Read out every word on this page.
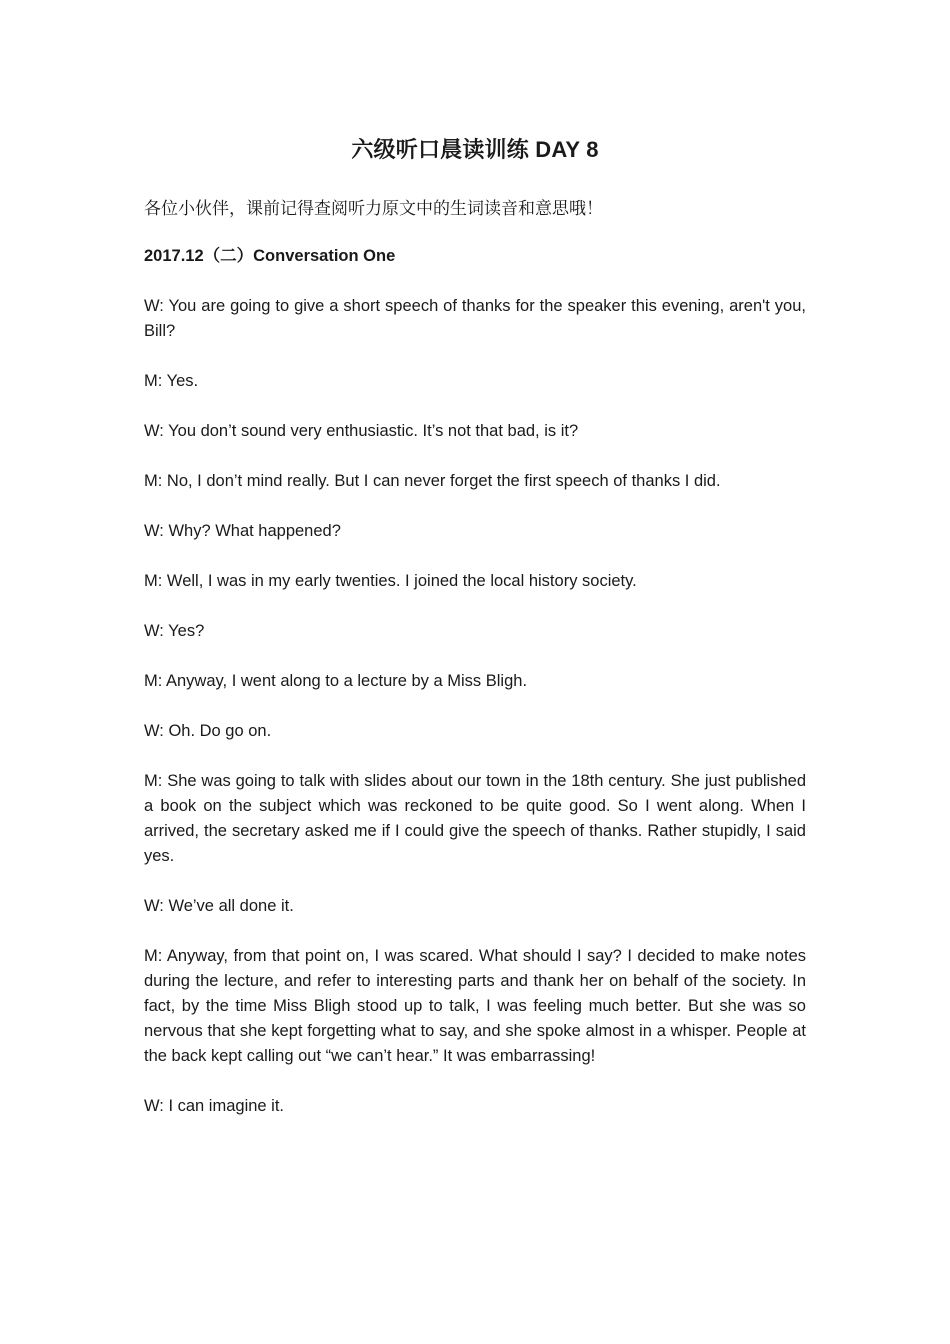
六级听口晨读训练 DAY 8

各位小伙伴，课前记得查阅听力原文中的生词读音和意思哦！

2017.12（二）Conversation One

W: You are going to give a short speech of thanks for the speaker this evening, aren't you, Bill?

M: Yes.

W: You don’t sound very enthusiastic. It’s not that bad, is it?

M: No, I don’t mind really. But I can never forget the first speech of thanks I did.

W: Why? What happened?

M: Well, I was in my early twenties. I joined the local history society.

W: Yes?

M: Anyway, I went along to a lecture by a Miss Bligh.

W: Oh. Do go on.

M: She was going to talk with slides about our town in the 18th century. She just published a book on the subject which was reckoned to be quite good. So I went along. When I arrived, the secretary asked me if I could give the speech of thanks. Rather stupidly, I said yes.

W: We’ve all done it.

M: Anyway, from that point on, I was scared. What should I say? I decided to make notes during the lecture, and refer to interesting parts and thank her on behalf of the society. In fact, by the time Miss Bligh stood up to talk, I was feeling much better. But she was so nervous that she kept forgetting what to say, and she spoke almost in a whisper. People at the back kept calling out “we can’t hear.” It was embarrassing!

W: I can imagine it.
